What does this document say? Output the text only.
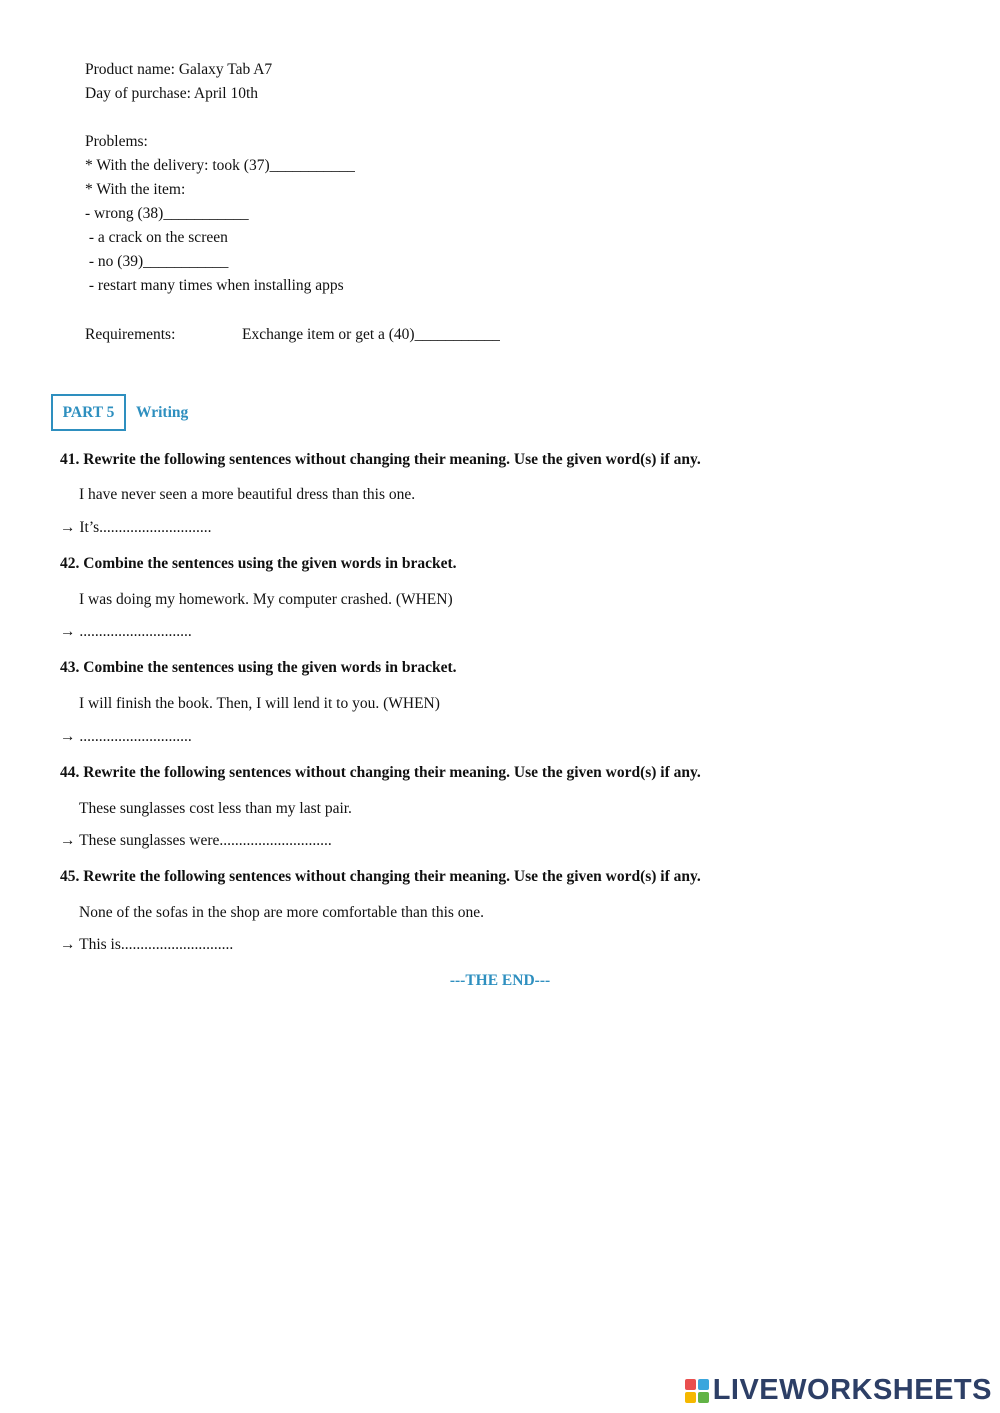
Product name: Galaxy Tab A7
Day of purchase: April 10th
Problems:
* With the delivery: took (37)___________
* With the item:
- wrong (38)___________
- a crack on the screen
- no (39)___________
- restart many times when installing apps
Requirements:	Exchange item or get a (40)___________
PART 5 Writing
41. Rewrite the following sentences without changing their meaning. Use the given word(s) if any.
I have never seen a more beautiful dress than this one.
→ It’s.............................
42. Combine the sentences using the given words in bracket.
I was doing my homework. My computer crashed. (WHEN)
→ .............................
43. Combine the sentences using the given words in bracket.
I will finish the book. Then, I will lend it to you. (WHEN)
→ .............................
44. Rewrite the following sentences without changing their meaning. Use the given word(s) if any.
These sunglasses cost less than my last pair.
→ These sunglasses were.............................
45. Rewrite the following sentences without changing their meaning. Use the given word(s) if any.
None of the sofas in the shop are more comfortable than this one.
→ This is.............................
---THE END---
LIVEWORKSHEETS
